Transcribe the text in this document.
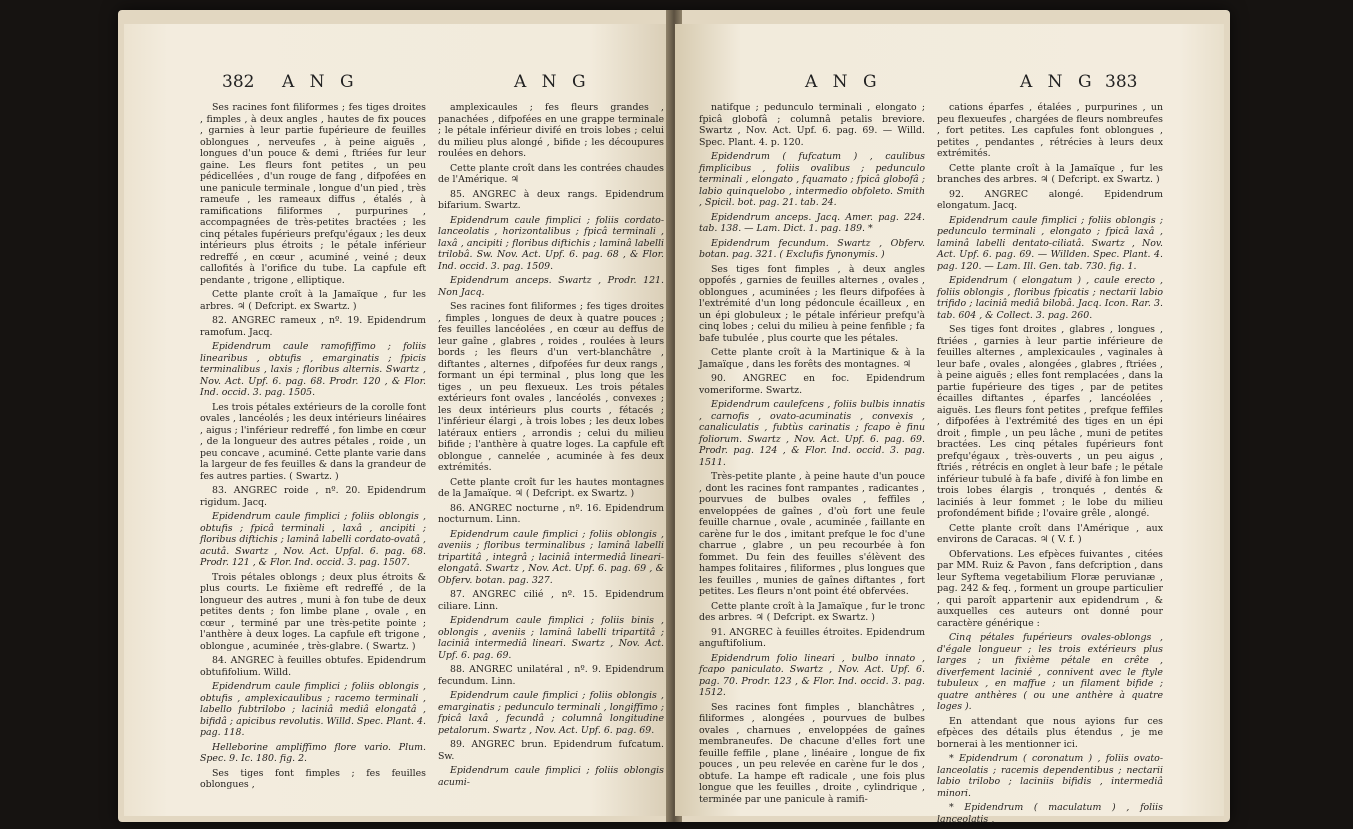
382 A N G	A N G

Ses racines font filiformes ; fes tiges droites , fimples , à deux angles , hautes de fix pouces , garnies à leur partie fupérieure de feuilles oblongues , nerveufes , à peine aiguës , longues d'un pouce & demi , ftriées fur leur gaine. Les fleurs font petites , un peu pédicellées , d'un rouge de fang , difpofées en une panicule terminale , longue d'un pied , très rameufe , les rameaux diffus , étalés , à ramifications filiformes , purpurines , accompagnées de très-petites bractées ; les cinq pétales fupérieurs prefqu'égaux ; les deux intérieurs plus étroits ; le pétale inférieur redreffé , en cœur , acuminé , veiné ; deux callofités à l'orifice du tube. La capfule eft pendante , trigone , elliptique.

Cette plante croît à la Jamaïque , fur les arbres. ♃ ( Defcript. ex Swartz. )

82. ANGREC rameux , nº. 19. Epidendrum ramofum. Jacq.

Epidendrum caule ramofiffimo ; foliis linearibus , obtufis , emarginatis ; fpicis terminalibus , laxis ; floribus alternis. Swartz , Nov. Act. Upf. 6. pag. 68. Prodr. 120 , & Flor. Ind. occid. 3. pag. 1505.

Les trois pétales extérieurs de la corolle font ovales , lancéolés ; les deux intérieurs linéaires , aigus ; l'inférieur redreffé , fon limbe en cœur , de la longueur des autres pétales , roide , un peu concave , acuminé. Cette plante varie dans la largeur de fes feuilles & dans la grandeur de fes autres parties. ( Swartz. )

83. ANGREC roide , nº. 20. Epidendrum rigidum. Jacq.

Epidendrum caule fimplici ; foliis oblongis , obtufis ; fpicâ terminali , laxâ , ancipiti ; floribus diftichis ; laminâ labelli cordato-ovatâ , acutâ. Swartz , Nov. Act. Upfal. 6. pag. 68. Prodr. 121 , & Flor. Ind. occid. 3. pag. 1507.

Trois pétales oblongs ; deux plus étroits & plus courts. Le fixième eft redreffé , de la longueur des autres , muni à fon tube de deux petites dents ; fon limbe plane , ovale , en cœur , terminé par une très-petite pointe ; l'anthère à deux loges. La capfule eft trigone , oblongue , acuminée , très-glabre. ( Swartz. )

84. ANGREC à feuilles obtufes. Epidendrum obtufifolium. Willd.

Epidendrum caule fimplici ; foliis oblongis , obtufis , amplexicaulibus ; racemo terminali , labello fubtrilobo ; laciniâ mediâ elongatâ , bifidâ ; apicibus revolutis. Willd. Spec. Plant. 4. pag. 118.

Helleborine ampliffimo flore vario. Plum. Spec. 9. Ic. 180. fig. 2.

Ses tiges font fimples ; fes feuilles oblongues ,

amplexicaules ; fes fleurs grandes , panachées , difpofées en une grappe terminale ; le pétale inférieur divifé en trois lobes ; celui du milieu plus alongé , bifide ; les découpures roulées en dehors.

Cette plante croît dans les contrées chaudes de l'Amérique. ♃

85. ANGREC à deux rangs. Epidendrum bifarium. Swartz.

Epidendrum caule fimplici ; foliis cordato-lanceolatis , horizontalibus ; fpicâ terminali , laxâ , ancipiti ; floribus diftichis ; laminâ labelli trilobâ. Sw. Nov. Act. Upf. 6. pag. 68 , & Flor. Ind. occid. 3. pag. 1509.

Epidendrum anceps. Swartz , Prodr. 121. Non Jacq.

Ses racines font filiformes ; fes tiges droites , fimples , longues de deux à quatre pouces ; fes feuilles lancéolées , en cœur au deffus de leur gaîne , glabres , roides , roulées à leurs bords ; les fleurs d'un vert-blanchâtre , diftantes , alternes , difpofées fur deux rangs , formant un épi terminal , plus long que les tiges , un peu flexueux. Les trois pétales extérieurs font ovales , lancéolés , convexes ; les deux intérieurs plus courts , fétacés ; l'inférieur élargi , à trois lobes ; les deux lobes latéraux entiers , arrondis ; celui du milieu bifide ; l'anthère à quatre loges. La capfule eft oblongue , cannelée , acuminée à fes deux extrémités.

Cette plante croît fur les hautes montagnes de la Jamaïque. ♃ ( Defcript. ex Swartz. )

86. ANGREC nocturne , nº. 16. Epidendrum nocturnum. Linn.

Epidendrum caule fimplici ; foliis oblongis , aveniis ; floribus terminalibus ; laminâ labelli tripartitâ , integrâ ; laciniâ intermediâ lineari-elongatâ. Swartz , Nov. Act. Upf. 6. pag. 69 , & Obferv. botan. pag. 327.

87. ANGREC cilié , nº. 15. Epidendrum ciliare. Linn.

Epidendrum caule fimplici ; foliis binis , oblongis , aveniis ; laminâ labelli tripartitâ ; laciniâ intermediâ lineari. Swartz , Nov. Act. Upf. 6. pag. 69.

88. ANGREC unilatéral , nº. 9. Epidendrum fecundum. Linn.

Epidendrum caule fimplici ; foliis oblongis , emarginatis ; pedunculo terminali , longiffimo ; fpicâ laxâ , fecundâ ; columnâ longitudine petalorum. Swartz , Nov. Act. Upf. 6. pag. 69.

89. ANGREC brun. Epidendrum fufcatum. Sw.

Epidendrum caule fimplici ; foliis oblongis acumi-

A N G	A N G 383

natifque ; pedunculo terminali , elongato ; fpicâ globofâ ; columnâ petalis breviore. Swartz , Nov. Act. Upf. 6. pag. 69. — Willd. Spec. Plant. 4. p. 120.

Epidendrum ( fufcatum ) , caulibus fimplicibus , foliis ovalibus ; pedunculo terminali , elongato , fquamato ; fpicâ globofâ ; labio quinquelobo , intermedio obfoleto. Smith , Spicil. bot. pag. 21. tab. 24.

Epidendrum anceps. Jacq. Amer. pag. 224. tab. 138. — Lam. Dict. 1. pag. 189. *

Epidendrum fecundum. Swartz , Obferv. botan. pag. 321. ( Exclufis fynonymis. )

Ses tiges font fimples , à deux angles oppofés , garnies de feuilles alternes , ovales , oblongues , acuminées ; les fleurs difpofées à l'extrémité d'un long pédoncule écailleux , en un épi globuleux ; le pétale inférieur prefqu'à cinq lobes ; celui du milieu à peine fenfible ; fa bafe tubulée , plus courte que les pétales.

Cette plante croît à la Martinique & à la Jamaïque , dans les forêts des montagnes. ♃

90. ANGREC en foc. Epidendrum vomeriforme. Swartz.

Epidendrum caulefcens , foliis bulbis innatis , carnofis , ovato-acuminatis , convexis , canaliculatis , fubtùs carinatis ; fcapo è finu foliorum. Swartz , Nov. Act. Upf. 6. pag. 69. Prodr. pag. 124 , & Flor. Ind. occid. 3. pag. 1511.

Très-petite plante , à peine haute d'un pouce , dont les racines font rampantes , radicantes , pourvues de bulbes ovales , feffiles , enveloppées de gaînes , d'où fort une feule feuille charnue , ovale , acuminée , faillante en carène fur le dos , imitant prefque le foc d'une charrue , glabre , un peu recourbée à fon fommet. Du fein des feuilles s'élèvent des hampes folitaires , filiformes , plus longues que les feuilles , munies de gaînes diftantes , fort petites. Les fleurs n'ont point été obfervées.

Cette plante croît à la Jamaïque , fur le tronc des arbres. ♃ ( Defcript. ex Swartz. )

91. ANGREC à feuilles étroites. Epidendrum anguftifolium.

Epidendrum folio lineari , bulbo innato , fcapo paniculato. Swartz , Nov. Act. Upf. 6. pag. 70. Prodr. 123 , & Flor. Ind. occid. 3. pag. 1512.

Ses racines font fimples , blanchâtres , filiformes , alongées , pourvues de bulbes ovales , charnues , enveloppées de gaînes membraneufes. De chacune d'elles fort une feuille feffile , plane , linéaire , longue de fix pouces , un peu relevée en carène fur le dos , obtufe. La hampe eft radicale , une fois plus longue que les feuilles , droite , cylindrique , terminée par une panicule à ramifi-

cations éparfes , étalées , purpurines , un peu flexueufes , chargées de fleurs nombreufes , fort petites. Les capfules font oblongues , petites , pendantes , rétrécies à leurs deux extrémités.

Cette plante croît à la Jamaïque , fur les branches des arbres. ♃ ( Defcript. ex Swartz. )

92. ANGREC alongé. Epidendrum elongatum. Jacq.

Epidendrum caule fimplici ; foliis oblongis ; pedunculo terminali , elongato ; fpicâ laxâ , laminâ labelli dentato-ciliatâ. Swartz , Nov. Act. Upf. 6. pag. 69. — Willden. Spec. Plant. 4. pag. 120. — Lam. Ill. Gen. tab. 730. fig. 1.

Epidendrum ( elongatum ) , caule erecto , foliis oblongis , floribus fpicatis ; nectarii labio trifido ; laciniâ mediâ bilobâ. Jacq. Icon. Rar. 3. tab. 604 , & Collect. 3. pag. 260.

Ses tiges font droites , glabres , longues , ftriées , garnies à leur partie inférieure de feuilles alternes , amplexicaules , vaginales à leur bafe , ovales , alongées , glabres , ftriées , à peine aiguës ; elles font remplacées , dans la partie fupérieure des tiges , par de petites écailles diftantes , éparfes , lancéolées , aiguës. Les fleurs font petites , prefque feffiles , difpofées à l'extrémité des tiges en un épi droit , fimple , un peu lâche , muni de petites bractées. Les cinq pétales fupérieurs font prefqu'égaux , très-ouverts , un peu aigus , ftriés , rétrécis en onglet à leur bafe ; le pétale inférieur tubulé à fa bafe , divifé à fon limbe en trois lobes élargis , tronqués , dentés & laciniés à leur fommet ; le lobe du milieu profondément bifide ; l'ovaire grêle , alongé.

Cette plante croît dans l'Amérique , aux environs de Caracas. ♃ ( V. f. )

Obfervations. Les efpèces fuivantes , citées par MM. Ruiz & Pavon , fans defcription , dans leur Syftema vegetabilium Floræ peruvianæ , pag. 242 & feq. , forment un groupe particulier , qui paroît appartenir aux epidendrum , & auxquelles ces auteurs ont donné pour caractère générique :

Cinq pétales fupérieurs ovales-oblongs , d'égale longueur ; les trois extérieurs plus larges ; un fixième pétale en crête , diverfement lacinié , connivent avec le ftyle tubuleux , en maffue ; un filament bifide ; quatre anthères ( ou une anthère à quatre loges ).

En attendant que nous ayions fur ces efpèces des détails plus étendus , je me bornerai à les mentionner ici.

* Epidendrum ( coronatum ) , foliis ovato-lanceolatis ; racemis dependentibus ; nectarii labio trilobo ; laciniis bifidis , intermediâ minori.

* Epidendrum ( maculatum ) , foliis lanceolatis ,
